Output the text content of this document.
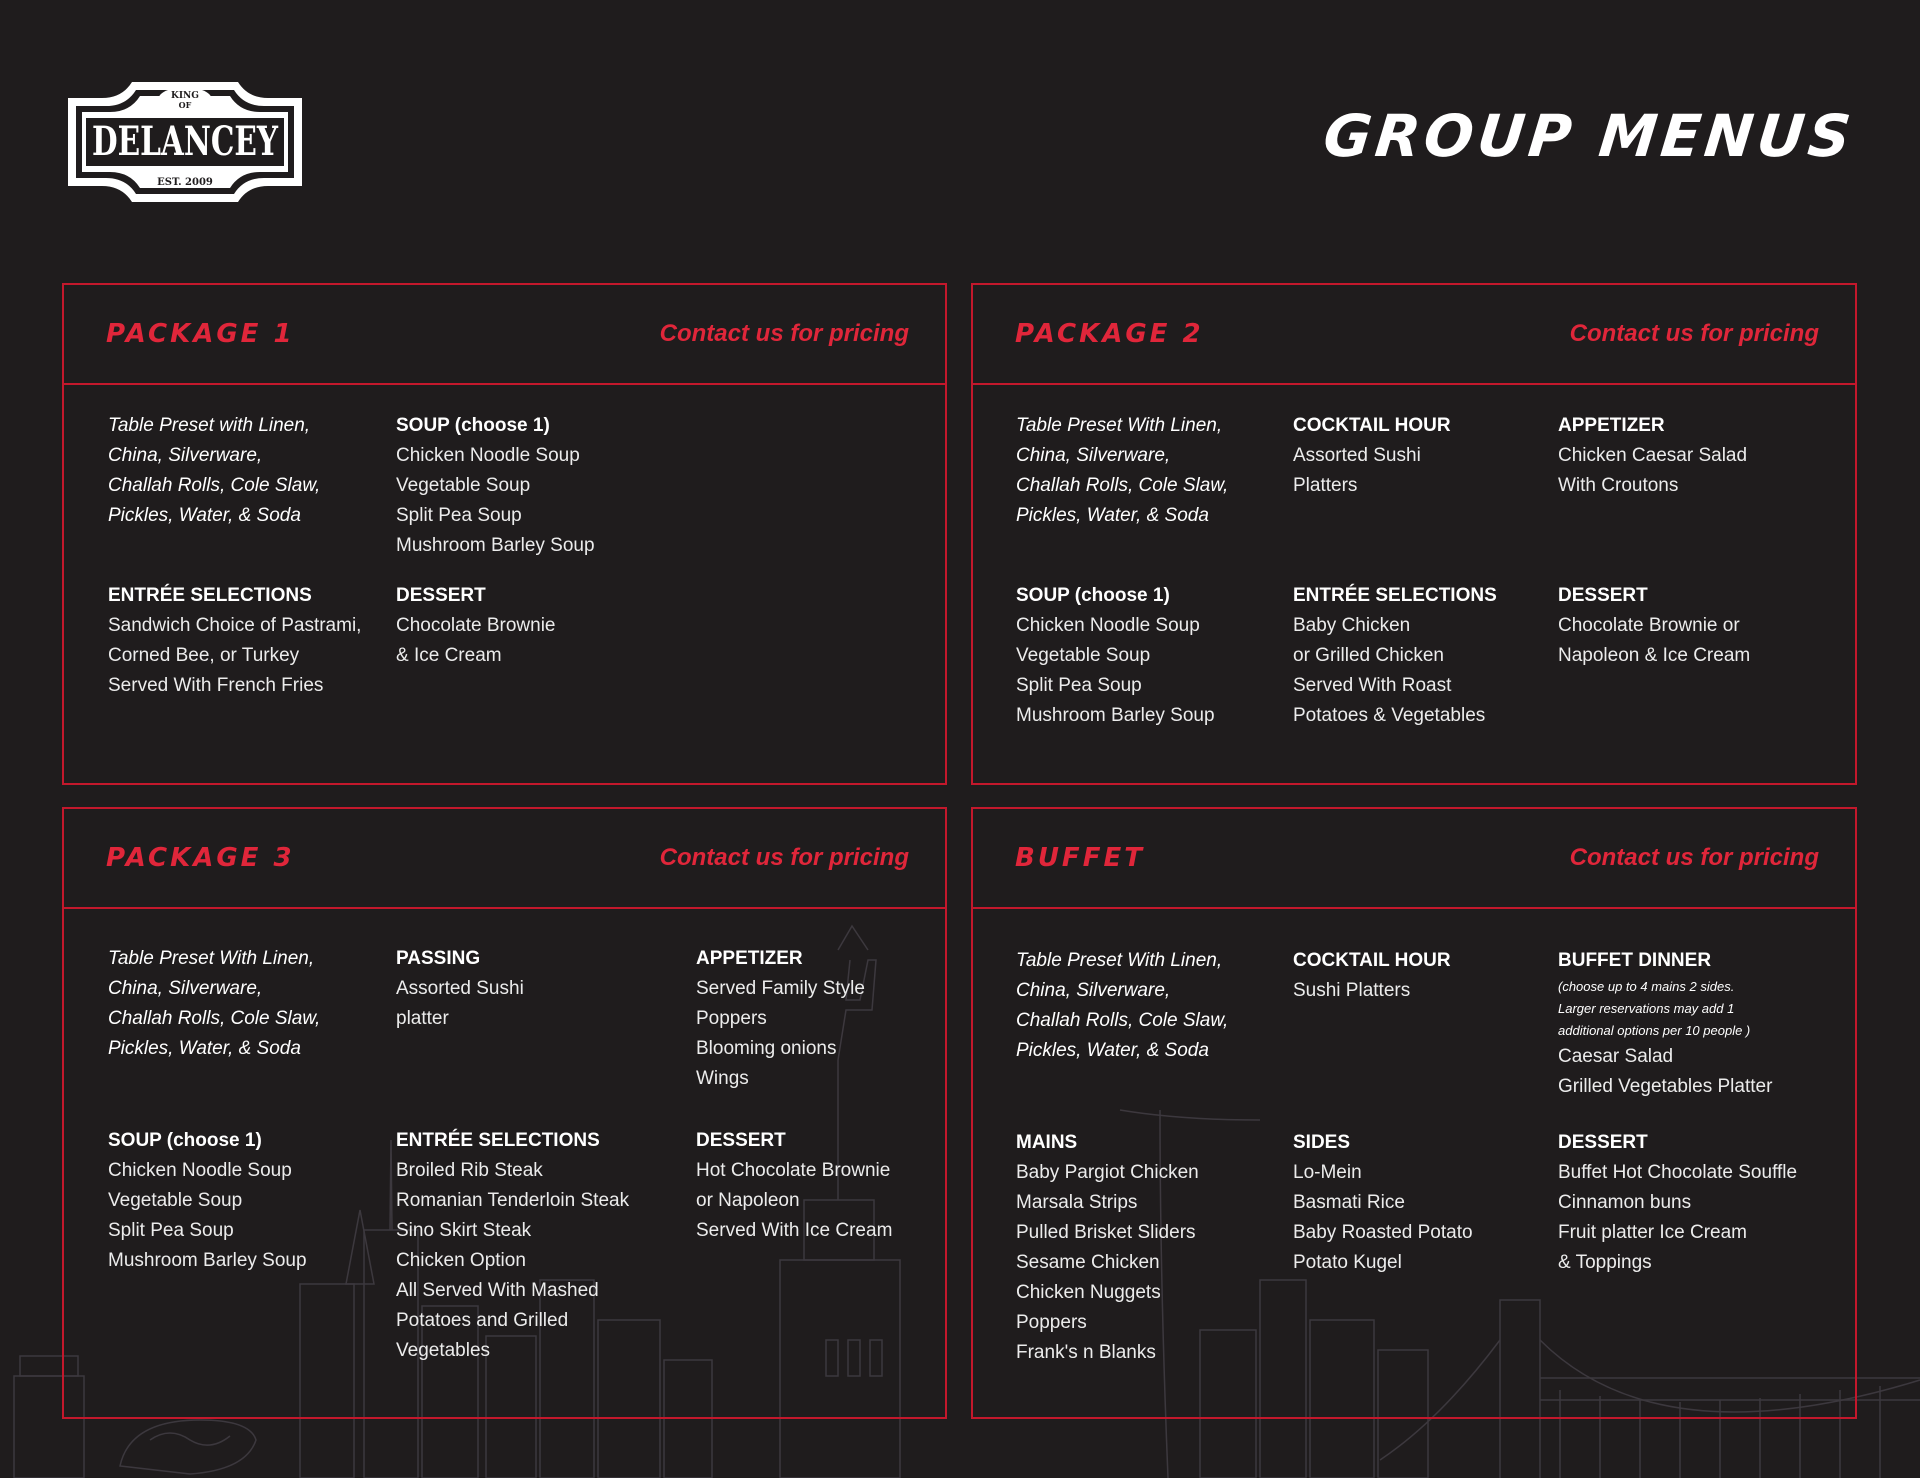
KING
OF
DELANCEY
EST. 2009
GROUP MENUS
PACKAGE 1	Contact us for pricing
Table Preset with Linen,
China, Silverware,
Challah Rolls, Cole Slaw,
Pickles, Water, & Soda
SOUP (choose 1)
Chicken Noodle Soup
Vegetable Soup
Split Pea Soup
Mushroom Barley Soup
ENTRÉE SELECTIONS
Sandwich Choice of Pastrami,
Corned Bee, or Turkey
Served With French Fries
DESSERT
Chocolate Brownie
& Ice Cream
PACKAGE 2	Contact us for pricing
Table Preset With Linen,
China, Silverware,
Challah Rolls, Cole Slaw,
Pickles, Water, & Soda
COCKTAIL HOUR
Assorted Sushi
Platters
APPETIZER
Chicken Caesar Salad
With Croutons
SOUP (choose 1)
Chicken Noodle Soup
Vegetable Soup
Split Pea Soup
Mushroom Barley Soup
ENTRÉE SELECTIONS
Baby Chicken
or Grilled Chicken
Served With Roast
Potatoes & Vegetables
DESSERT
Chocolate Brownie or
Napoleon & Ice Cream
PACKAGE 3	Contact us for pricing
Table Preset With Linen,
China, Silverware,
Challah Rolls, Cole Slaw,
Pickles, Water, & Soda
PASSING
Assorted Sushi
platter
APPETIZER
Served Family Style
Poppers
Blooming onions
Wings
SOUP (choose 1)
Chicken Noodle Soup
Vegetable Soup
Split Pea Soup
Mushroom Barley Soup
ENTRÉE SELECTIONS
Broiled Rib Steak
Romanian Tenderloin Steak
Sino Skirt Steak
Chicken Option
All Served With Mashed
Potatoes and Grilled
Vegetables
DESSERT
Hot Chocolate Brownie
or Napoleon
Served With Ice Cream
BUFFET	Contact us for pricing
Table Preset With Linen,
China, Silverware,
Challah Rolls, Cole Slaw,
Pickles, Water, & Soda
COCKTAIL HOUR
Sushi Platters
BUFFET DINNER
(choose up to 4 mains 2 sides.
Larger reservations may add 1
additional options per 10 people )
Caesar Salad
Grilled Vegetables Platter
MAINS
Baby Pargiot Chicken
Marsala Strips
Pulled Brisket Sliders
Sesame Chicken
Chicken Nuggets
Poppers
Frank's n Blanks
SIDES
Lo-Mein
Basmati Rice
Baby Roasted Potato
Potato Kugel
DESSERT
Buffet Hot Chocolate Souffle
Cinnamon buns
Fruit platter Ice Cream
& Toppings
